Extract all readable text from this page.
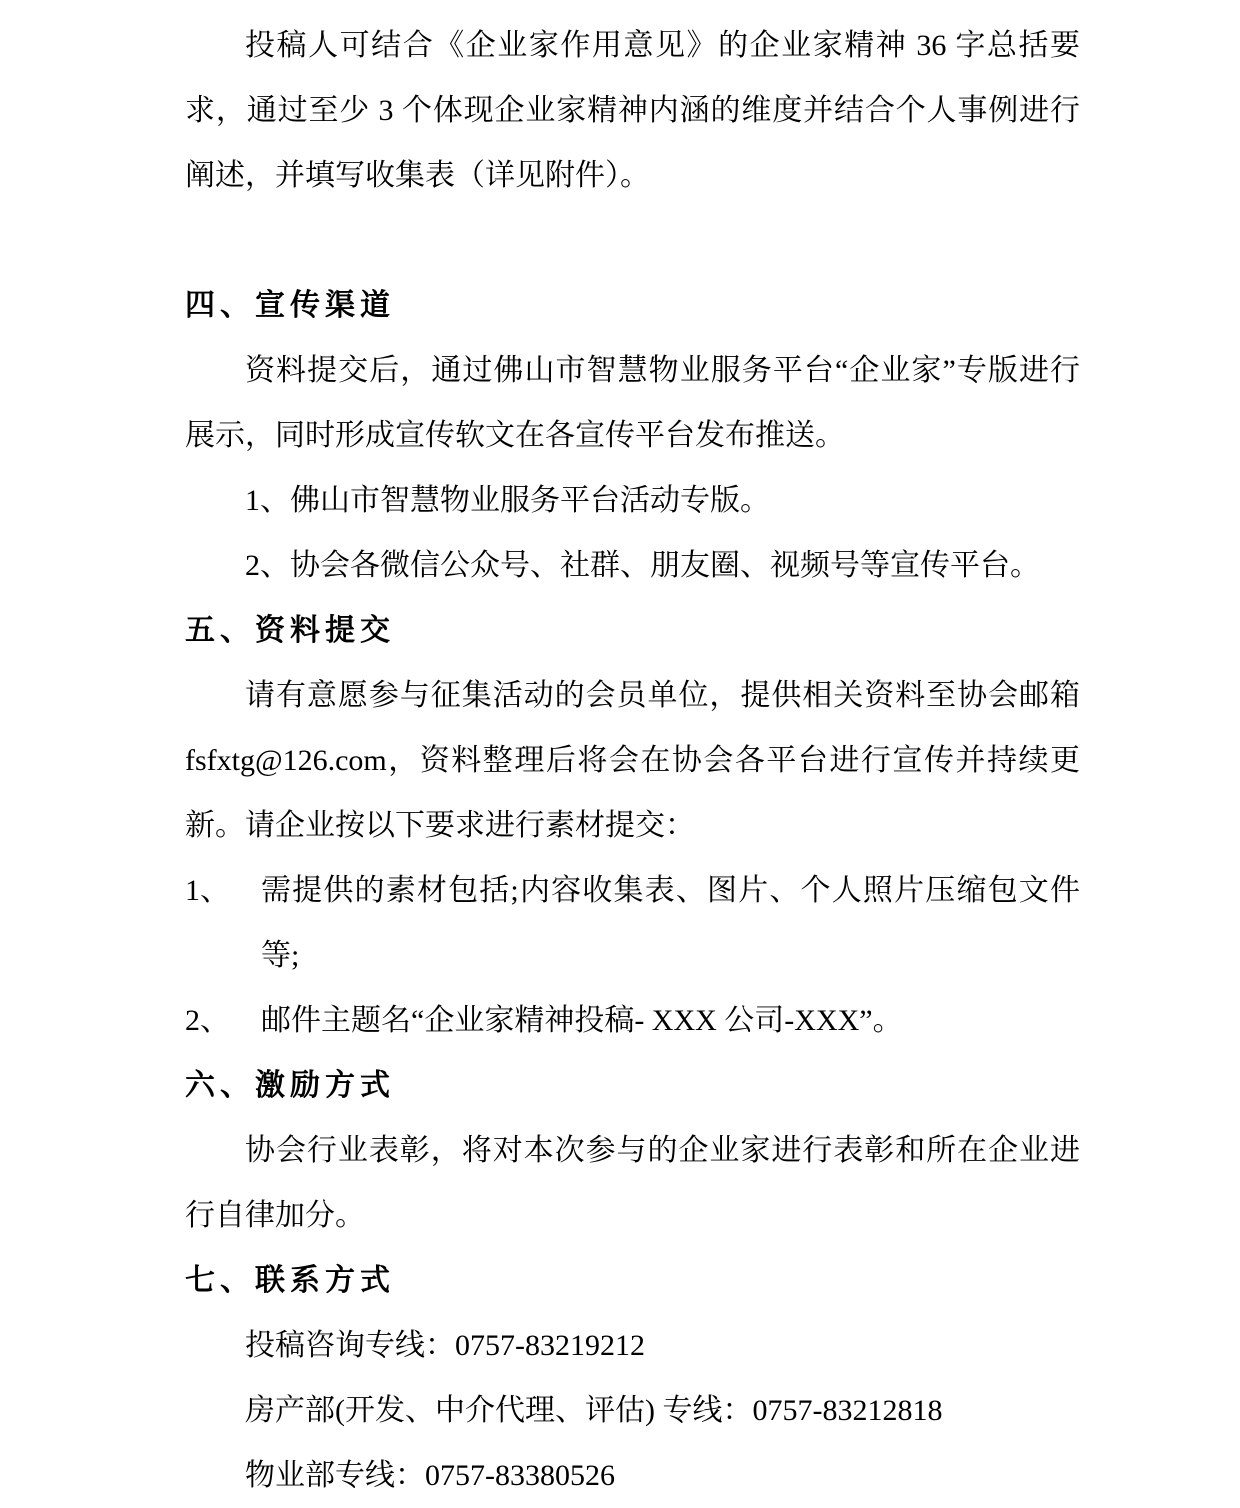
投稿人可结合《企业家作用意见》的企业家精神 36 字总括要求，通过至少 3 个体现企业家精神内涵的维度并结合个人事例进行阐述，并填写收集表（详见附件）。

四、宣传渠道

资料提交后，通过佛山市智慧物业服务平台“企业家”专版进行展示，同时形成宣传软文在各宣传平台发布推送。

1、佛山市智慧物业服务平台活动专版。

2、协会各微信公众号、社群、朋友圈、视频号等宣传平台。

五、资料提交

请有意愿参与征集活动的会员单位，提供相关资料至协会邮箱 fsfxtg@126.com，资料整理后将会在协会各平台进行宣传并持续更新。请企业按以下要求进行素材提交：

1、	需提供的素材包括;内容收集表、图片、个人照片压缩包文件等;
2、	邮件主题名“企业家精神投稿- XXX 公司-XXX”。
六、激励方式

协会行业表彰，将对本次参与的企业家进行表彰和所在企业进行自律加分。

七、联系方式

投稿咨询专线：0757-83219212

房产部(开发、中介代理、评估) 专线：0757-83212818

物业部专线：0757-83380526
